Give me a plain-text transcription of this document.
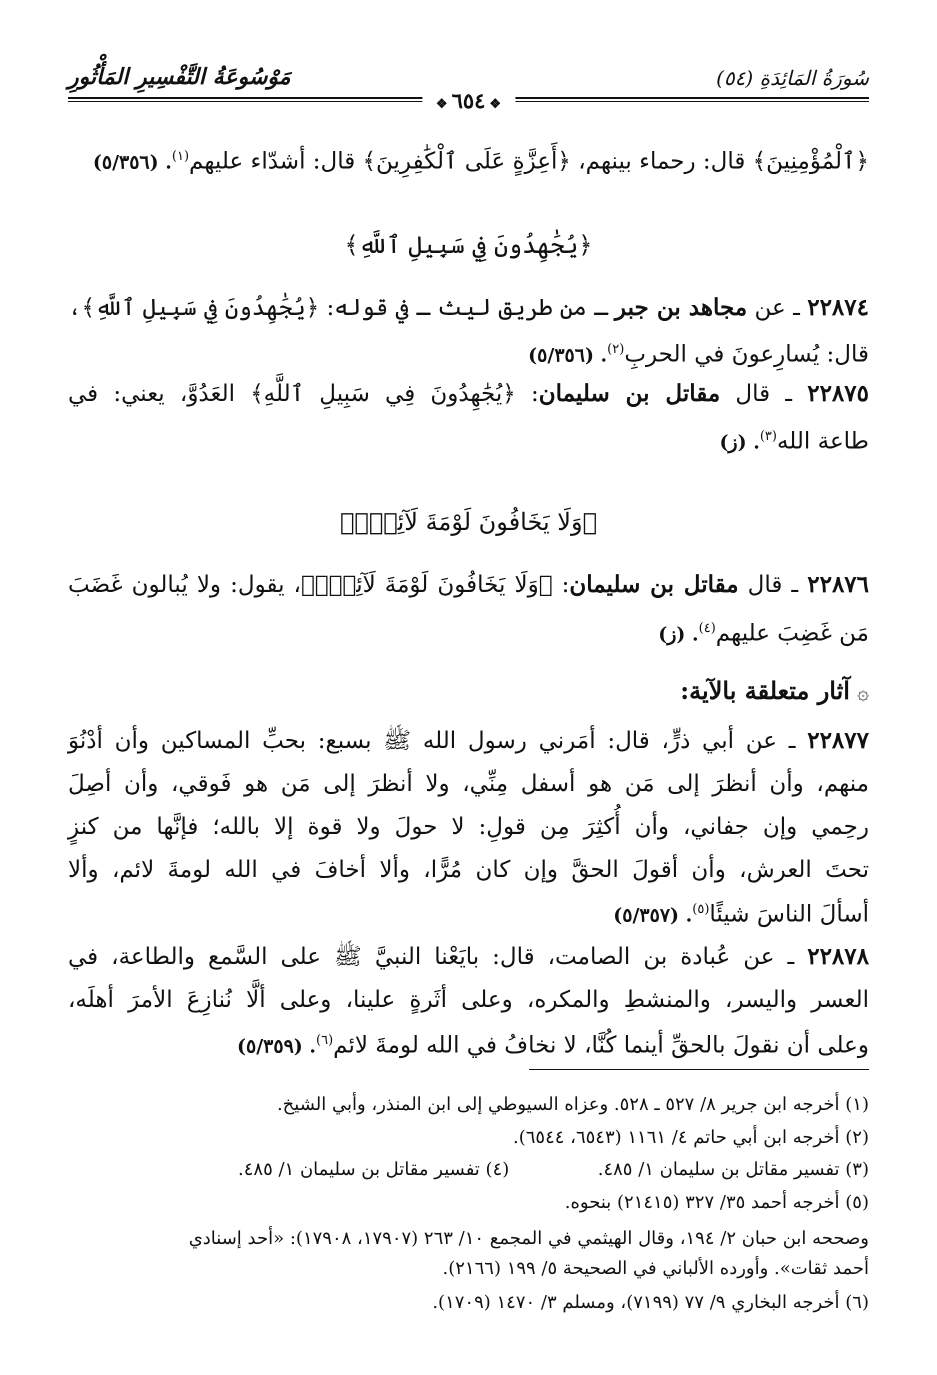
سُورَةُ المَائِدَةِ (٥٤)
مَوْسُوعَةُ التَّفْسِيرِ المَأْثُورِ
❖٦٥٤❖
﴿ٱلْمُؤْمِنِينَ﴾ قال: رحماء بينهم، ﴿أَعِزَّةٍ عَلَى ٱلْكَٰفِرِينَ﴾ قال: أشدّاء عليهم$^{(١)}$. (٥/٣٥٦)
﴿يُجَٰهِدُونَ فِي سَبِيلِ ٱللَّهِ﴾
٢٢٨٧٤ ـ عن مجاهد بن جبر ـ من طريق ليث ـ في قوله: ﴿يُجَٰهِدُونَ فِي سَبِيلِ ٱللَّهِ﴾،
قال: يُسارِعونَ في الحربِ$^{(٢)}$. (٥/٣٥٦)
٢٢٨٧٥ ـ قال مقاتل بن سليمان: ﴿يُجَٰهِدُونَ فِي سَبِيلِ ٱللَّهِ﴾ العَدُوَّ، يعني: في
طاعة الله$^{(٣)}$. (ز)
﴿وَلَا يَخَافُونَ لَوْمَةَ لَآئِمٍۚ﴾
٢٢٨٧٦ ـ قال مقاتل بن سليمان: ﴿وَلَا يَخَافُونَ لَوْمَةَ لَآئِمٍۚ﴾، يقول: ولا يُبالون غَضَبَ
مَن غَضِبَ عليهم$^{(٤)}$. (ز)
۞ آثار متعلقة بالآية:
٢٢٨٧٧ ـ عن أبي ذرٍّ، قال: أمَرني رسول الله ﷺ بسبع: بحبِّ المساكين وأن أدْنُوَ
منهم، وأن أنظرَ إلى مَن هو أسفل مِنِّي، ولا أنظرَ إلى مَن هو فَوقي، وأن أصِلَ
رحِمي وإن جفاني، وأن أُكثِرَ مِن قولِ: لا حولَ ولا قوة إلا بالله؛ فإنَّها من كنزٍ
تحتَ العرش، وأن أقولَ الحقَّ وإن كان مُرًّا، وألا أخافَ في الله لومةَ لائم، وألا
أسألَ الناسَ شيئًا$^{(٥)}$. (٥/٣٥٧)
٢٢٨٧٨ ـ عن عُبادة بن الصامت، قال: بايَعْنا النبيَّ ﷺ على السَّمع والطاعة، في
العسر واليسر، والمنشطِ والمكره، وعلى أثَرةٍ علينا، وعلى ألَّا نُنازِعَ الأمرَ أهلَه،
وعلى أن نقولَ بالحقِّ أينما كُنَّا، لا نخافُ في الله لومةَ لائم$^{(٦)}$. (٥/٣٥٩)
(١) أخرجه ابن جرير ٨/ ٥٢٧ ـ ٥٢٨. وعزاه السيوطي إلى ابن المنذر، وأبي الشيخ.
(٢) أخرجه ابن أبي حاتم ٤/ ١١٦١ (٦٥٤٣، ٦٥٤٤).
(٣) تفسير مقاتل بن سليمان ١/ ٤٨٥.
(٤) تفسير مقاتل بن سليمان ١/ ٤٨٥.
(٥) أخرجه أحمد ٣٥/ ٣٢٧ (٢١٤١٥) بنحوه.
وصححه ابن حبان ٢/ ١٩٤، وقال الهيثمي في المجمع ١٠/ ٢٦٣ (١٧٩٠٧، ١٧٩٠٨): «أحد إسنادي
أحمد ثقات». وأورده الألباني في الصحيحة ٥/ ١٩٩ (٢١٦٦).
(٦) أخرجه البخاري ٩/ ٧٧ (٧١٩٩)، ومسلم ٣/ ١٤٧٠ (١٧٠٩).
